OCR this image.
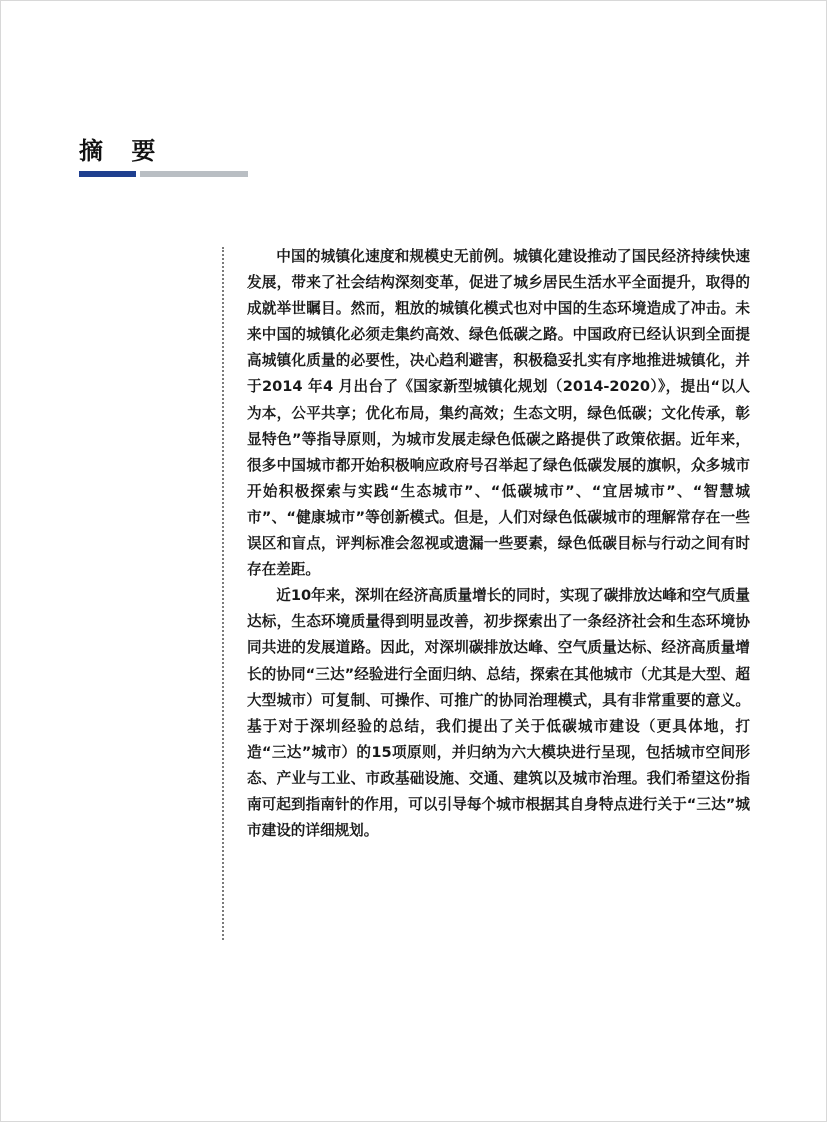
摘 要

中国的城镇化速度和规模史无前例。城镇化建设推动了国民经济持续快速发展，带来了社会结构深刻变革，促进了城乡居民生活水平全面提升，取得的成就举世瞩目。然而，粗放的城镇化模式也对中国的生态环境造成了冲击。未来中国的城镇化必须走集约高效、绿色低碳之路。中国政府已经认识到全面提高城镇化质量的必要性，决心趋利避害，积极稳妥扎实有序地推进城镇化，并于2014 年4 月出台了《国家新型城镇化规划（2014-2020）》，提出“以人为本，公平共享；优化布局，集约高效；生态文明，绿色低碳；文化传承，彰显特色”等指导原则，为城市发展走绿色低碳之路提供了政策依据。近年来，很多中国城市都开始积极响应政府号召举起了绿色低碳发展的旗帜，众多城市开始积极探索与实践“生态城市”、“低碳城市”、“宜居城市”、“智慧城市”、“健康城市”等创新模式。但是，人们对绿色低碳城市的理解常存在一些误区和盲点，评判标准会忽视或遗漏一些要素，绿色低碳目标与行动之间有时存在差距。

近10年来，深圳在经济高质量增长的同时，实现了碳排放达峰和空气质量达标，生态环境质量得到明显改善，初步探索出了一条经济社会和生态环境协同共进的发展道路。因此，对深圳碳排放达峰、空气质量达标、经济高质量增长的协同“三达”经验进行全面归纳、总结，探索在其他城市（尤其是大型、超大型城市）可复制、可操作、可推广的协同治理模式，具有非常重要的意义。基于对于深圳经验的总结，我们提出了关于低碳城市建设（更具体地，打造“三达”城市）的15项原则，并归纳为六大模块进行呈现，包括城市空间形态、产业与工业、市政基础设施、交通、建筑以及城市治理。我们希望这份指南可起到指南针的作用，可以引导每个城市根据其自身特点进行关于“三达”城市建设的详细规划。
